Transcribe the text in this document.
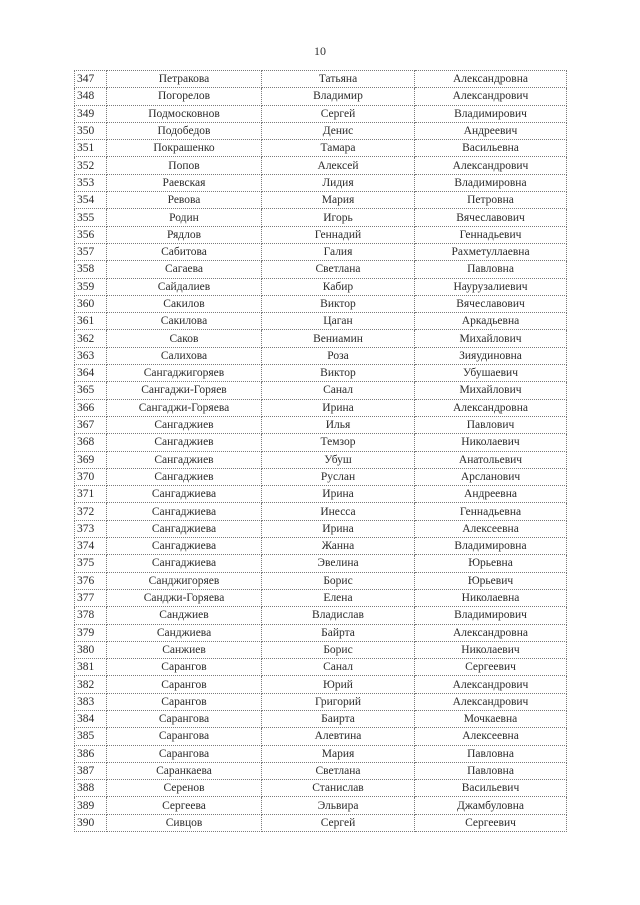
10
347	Петракова	Татьяна	Александровна
348	Погорелов	Владимир	Александрович
349	Подмосковнов	Сергей	Владимирович
350	Подобедов	Денис	Андреевич
351	Покрашенко	Тамара	Васильевна
352	Попов	Алексей	Александрович
353	Раевская	Лидия	Владимировна
354	Ревова	Мария	Петровна
355	Родин	Игорь	Вячеславович
356	Рядлов	Геннадий	Геннадьевич
357	Сабитова	Галия	Рахметуллаевна
358	Сагаева	Светлана	Павловна
359	Сайдалиев	Кабир	Наурузалиевич
360	Сакилов	Виктор	Вячеславович
361	Сакилова	Цаган	Аркадьевна
362	Саков	Вениамин	Михайлович
363	Салихова	Роза	Зияудиновна
364	Сангаджигоряев	Виктор	Убушаевич
365	Сангаджи-Горяев	Санал	Михайлович
366	Сангаджи-Горяева	Ирина	Александровна
367	Сангаджиев	Илья	Павлович
368	Сангаджиев	Темзор	Николаевич
369	Сангаджиев	Убуш	Анатольевич
370	Сангаджиев	Руслан	Арсланович
371	Сангаджиева	Ирина	Андреевна
372	Сангаджиева	Инесса	Геннадьевна
373	Сангаджиева	Ирина	Алексеевна
374	Сангаджиева	Жанна	Владимировна
375	Сангаджиева	Эвелина	Юрьевна
376	Санджигоряев	Борис	Юрьевич
377	Санджи-Горяева	Елена	Николаевна
378	Санджиев	Владислав	Владимирович
379	Санджиева	Байрта	Александровна
380	Санжиев	Борис	Николаевич
381	Сарангов	Санал	Сергеевич
382	Сарангов	Юрий	Александрович
383	Сарангов	Григорий	Александрович
384	Сарангова	Баирта	Мочкаевна
385	Сарангова	Алевтина	Алексеевна
386	Сарангова	Мария	Павловна
387	Саранкаева	Светлана	Павловна
388	Серенов	Станислав	Васильевич
389	Сергеева	Эльвира	Джамбуловна
390	Сивцов	Сергей	Сергеевич
